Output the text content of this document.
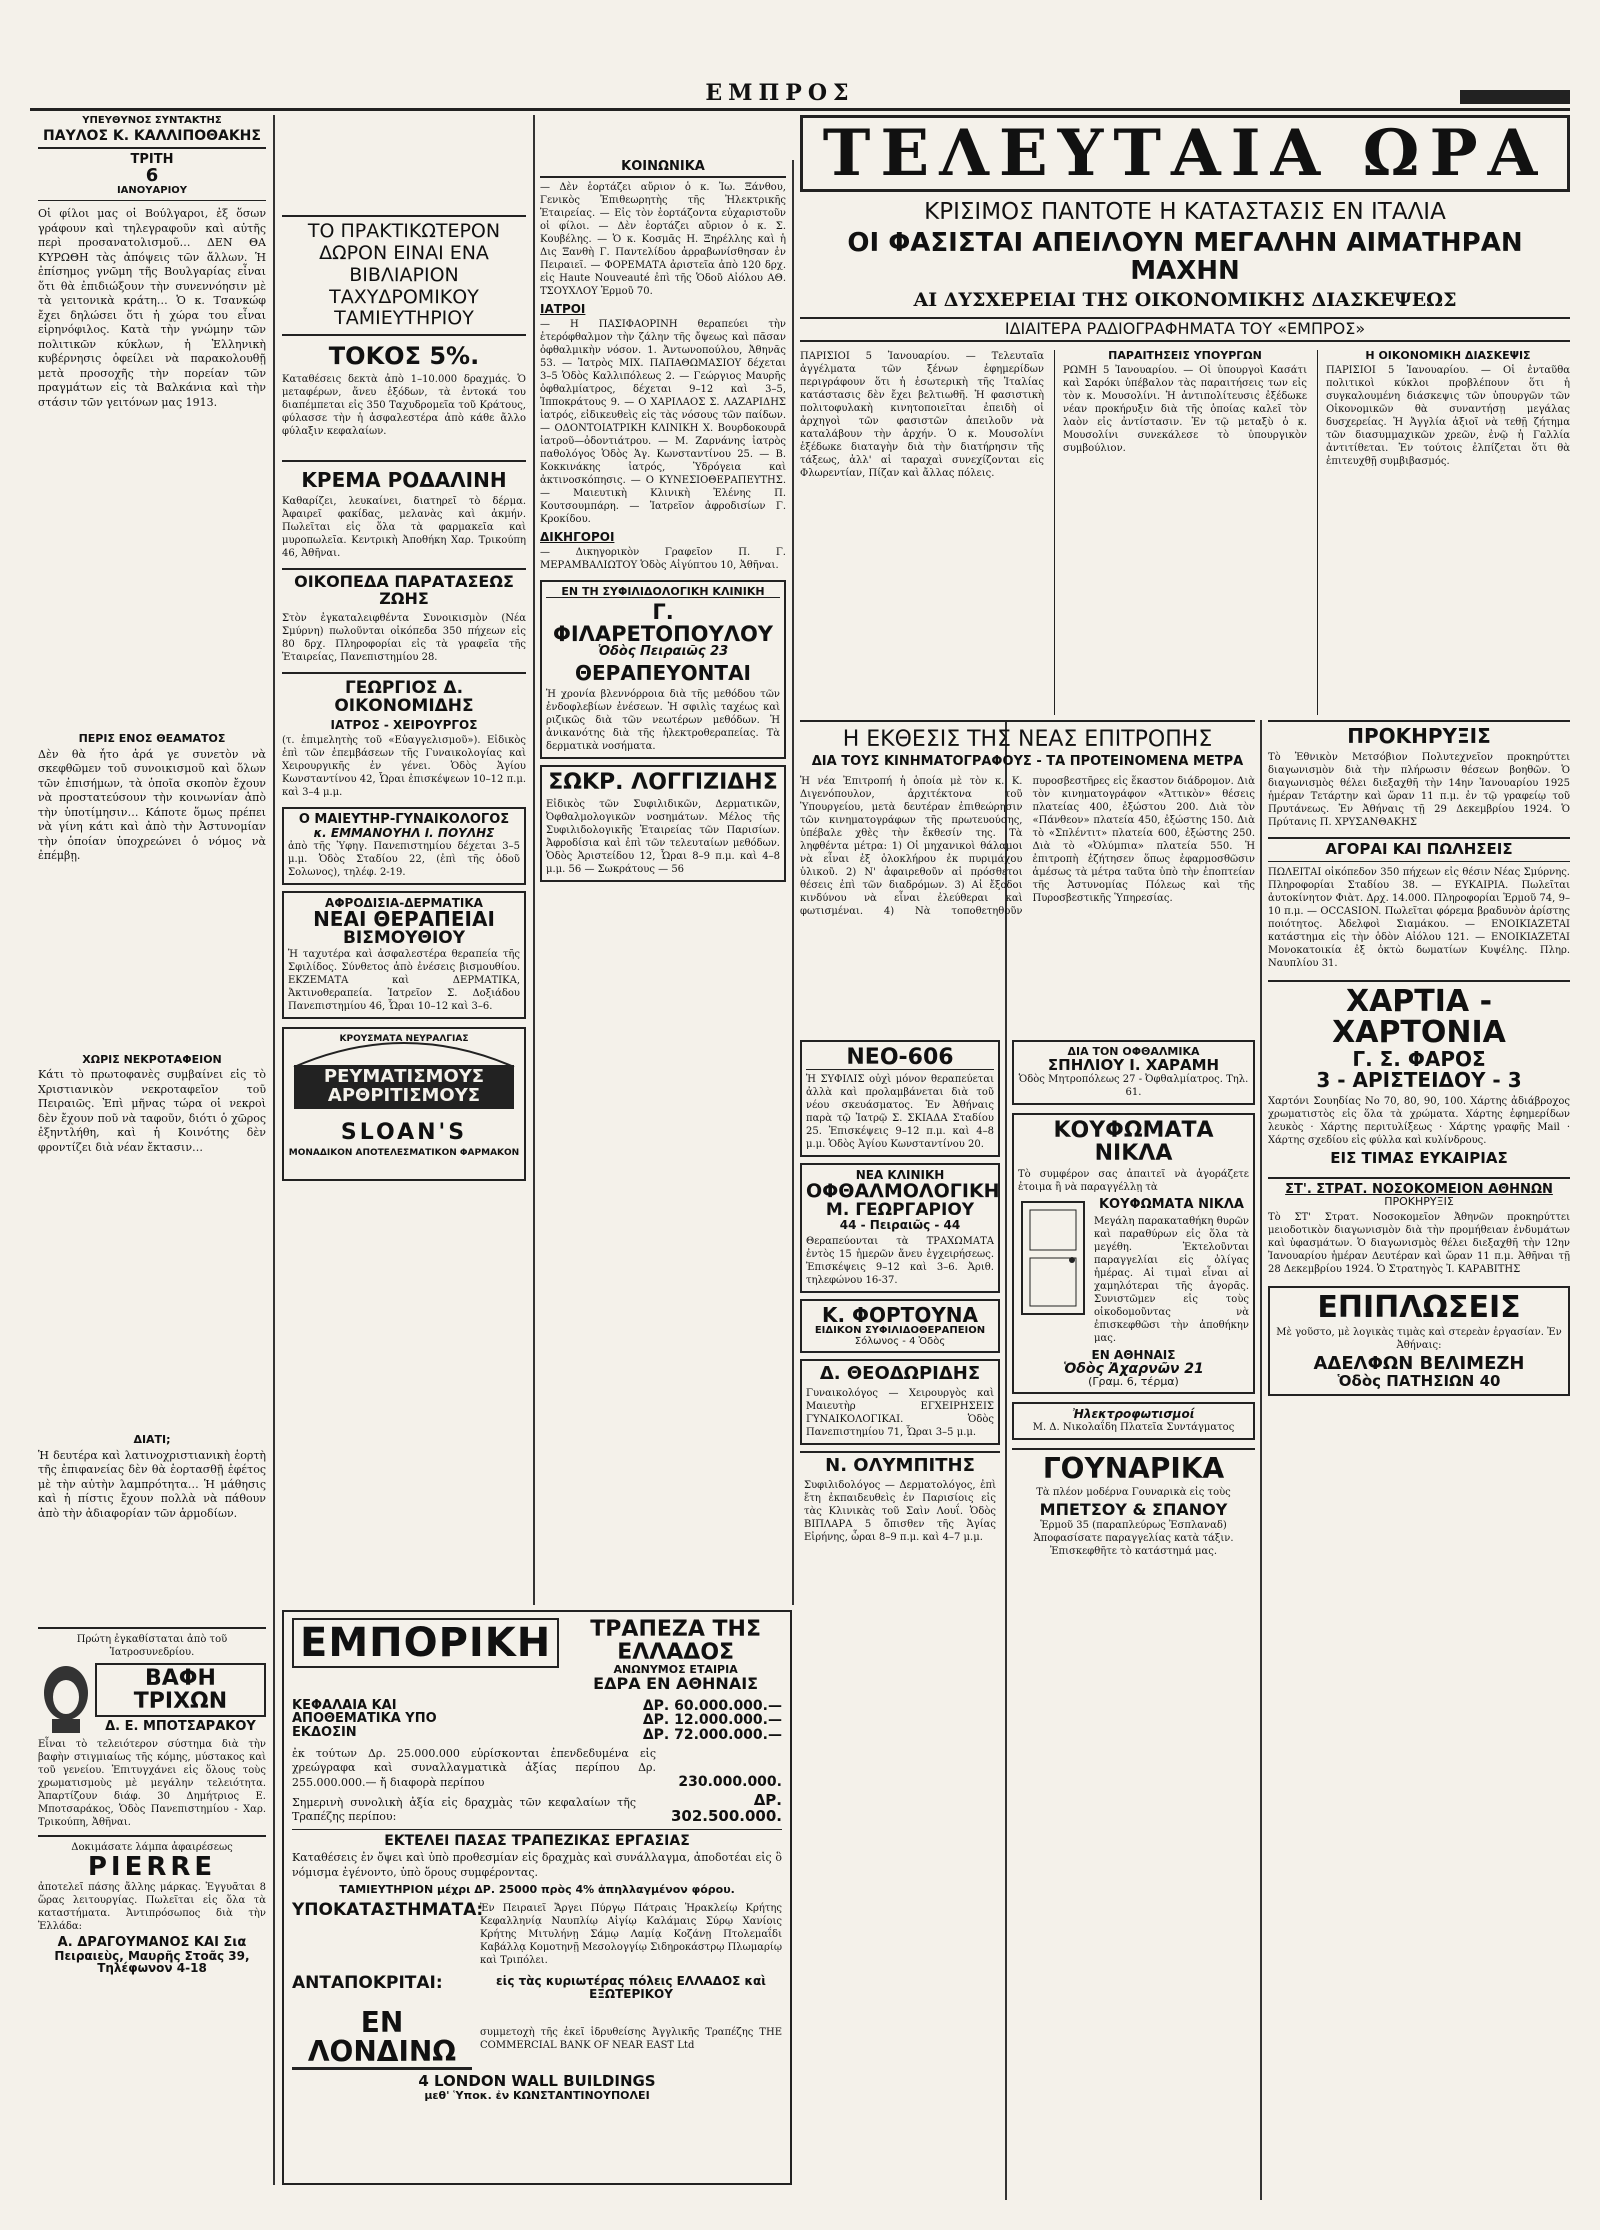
ΕΜΠΡΟΣ
ΥΠΕΥΘΥΝΟΣ ΣΥΝΤΑΚΤΗΣ
ΠΑΥΛΟΣ Κ. ΚΑΛΛΙΠΟΘΑΚΗΣ
ΤΡΙΤΗ
6
ΙΑΝΟΥΑΡΙΟΥ
Οἱ φίλοι μας οἱ Βούλγαροι, ἐξ ὅσων γράφουν καὶ τηλεγραφοῦν καὶ αὐτῆς περὶ προσανατολισμοῦ… ΔΕΝ ΘΑ ΚΥΡΩΘΗ τὰς ἀπόψεις τῶν ἄλλων. Ἡ ἐπίσημος γνῶμη τῆς Βουλγαρίας εἶναι ὅτι θὰ ἐπιδιώξουν τὴν συνεννόησιν μὲ τὰ γειτονικὰ κράτη… Ὁ κ. Τσανκώφ ἔχει δηλώσει ὅτι ἡ χώρα του εἶναι εἰρηνόφιλος. Κατὰ τὴν γνώμην τῶν πολιτικῶν κύκλων, ἡ Ἑλληνικὴ κυβέρνησις ὀφείλει νὰ παρακολουθῇ μετὰ προσοχῆς τὴν πορείαν τῶν πραγμάτων εἰς τὰ Βαλκάνια καὶ τὴν στάσιν τῶν γειτόνων μας 1913.
ΠΕΡΙΣ ΕΝΟΣ ΘΕΑΜΑΤΟΣ
Δὲν θὰ ἦτο ἀρά γε συνετὸν νὰ σκεφθῶμεν τοῦ συνοικισμοῦ καὶ ὅλων τῶν ἐπισήμων, τὰ ὁποῖα σκοπὸν ἔχουν νὰ προστατεύσουν τὴν κοινωνίαν ἀπὸ τὴν ὑποτίμησιν… Κάποτε ὅμως πρέπει νὰ γίνη κάτι καὶ ἀπὸ τὴν Ἀστυνομίαν τὴν ὁποίαν ὑποχρεώνει ὁ νόμος νὰ ἐπέμβῃ.
ΧΩΡΙΣ ΝΕΚΡΟΤΑΦΕΙΟΝ
Κάτι τὸ πρωτοφανὲς συμβαίνει εἰς τὸ Χριστιανικὸν νεκροταφεῖον τοῦ Πειραιῶς. Ἐπὶ μῆνας τώρα οἱ νεκροὶ δὲν ἔχουν ποῦ νὰ ταφοῦν, διότι ὁ χῶρος ἐξηντλήθη, καὶ ἡ Κοινότης δὲν φροντίζει διὰ νέαν ἔκτασιν…
ΔΙΑΤΙ;
Ἡ δευτέρα καὶ λατινοχριστιανικὴ ἑορτὴ τῆς ἐπιφανείας δὲν θὰ ἑορτασθῇ ἐφέτος μὲ τὴν αὐτὴν λαμπρότητα… Ἡ μάθησις καὶ ἡ πίστις ἔχουν πολλὰ νὰ πάθουν ἀπὸ τὴν ἀδιαφορίαν τῶν ἁρμοδίων.
Πρώτη ἐγκαθίσταται ἀπὸ τοῦ Ἰατροσυνεδρίου.
ΒΑΦΗ ΤΡΙΧΩΝ
Δ. Ε. ΜΠΟΤΣΑΡΑΚΟΥ
Εἶναι τὸ τελειότερον σύστημα διὰ τὴν βαφὴν στιγμιαίως τῆς κόμης, μύστακος καὶ τοῦ γενείου. Ἐπιτυγχάνει εἰς ὅλους τοὺς χρωματισμοὺς μὲ μεγάλην τελειότητα. Ἀπαρτίζουν διάφ. 30 Δημήτριος Ε. Μποτσαράκος, Ὁδὸς Πανεπιστημίου - Χαρ. Τρικούπη, Ἀθῆναι.
Δοκιμάσατε λάμπα ἀφαιρέσεως
PIERRE
ἀποτελεῖ πάσης ἄλλης μάρκας. Ἐγγυᾶται 8 ὥρας λειτουργίας. Πωλεῖται εἰς ὅλα τὰ καταστήματα. Ἀντιπρόσωπος διὰ τὴν Ἑλλάδα:
Α. ΔΡΑΓΟΥΜΑΝΟΣ ΚΑΙ Σια
Πειραιεὺς, Μαυρῆς Στοᾶς 39, Τηλέφωνον 4-18
ΤΟ ΠΡΑΚΤΙΚΩΤΕΡΟΝ ΔΩΡΟΝ ΕΙΝΑΙ ΕΝΑ ΒΙΒΛΙΑΡΙΟΝ ΤΑΧΥΔΡΟΜΙΚΟΥ ΤΑΜΙΕΥΤΗΡΙΟΥ
ΤΟΚΟΣ 5%.
Καταθέσεις δεκτὰ ἀπὸ 1–10.000 δραχμάς. Ὁ μεταφέρων, ἄνευ ἐξόδων, τὰ ἐντοκά του διαπέμπεται εἰς 350 Ταχυδρομεῖα τοῦ Κράτους, φύλασσε τὴν ἡ ἀσφαλεστέρα ἀπὸ κάθε ἄλλο φύλαξιν κεφαλαίων.
ΚΡΕΜΑ ΡΟΔΑΛΙΝΗ
Καθαρίζει, λευκαίνει, διατηρεῖ τὸ δέρμα. Ἀφαιρεῖ φακίδας, μελανὰς καὶ ἀκμήν. Πωλεῖται εἰς ὅλα τὰ φαρμακεῖα καὶ μυροπωλεῖα. Κεντρικὴ Ἀποθήκη Χαρ. Τρικούπη 46, Ἀθῆναι.
ΟΙΚΟΠΕΔΑ ΠΑΡΑΤΑΣΕΩΣ ΖΩΗΣ
Στὸν ἐγκαταλειφθέντα Συνοικισμὸν (Νέα Σμύρνη) πωλοῦνται οἰκόπεδα 350 πήχεων εἰς 80 δρχ. Πληροφορίαι εἰς τὰ γραφεῖα τῆς Ἑταιρείας, Πανεπιστημίου 28.
ΓΕΩΡΓΙΟΣ Δ. ΟΙΚΟΝΟΜΙΔΗΣ
ΙΑΤΡΟΣ - ΧΕΙΡΟΥΡΓΟΣ
(τ. ἐπιμελητὴς τοῦ «Εὐαγγελισμοῦ»). Εἰδικὸς ἐπὶ τῶν ἐπεμβάσεων τῆς Γυναικολογίας καὶ Χειρουργικῆς ἐν γένει. Ὁδὸς Ἁγίου Κωνσταντίνου 42, Ὧραι ἐπισκέψεων 10–12 π.μ. καὶ 3–4 μ.μ.
Ο ΜΑΙΕΥΤΗΡ-ΓΥΝΑΙΚΟΛΟΓΟΣ
κ. ΕΜΜΑΝΟΥΗΛ Ι. ΠΟΥΛΗΣ
ἀπὸ τῆς Ὑφηγ. Πανεπιστημίου δέχεται 3–5 μ.μ. Ὁδὸς Σταδίου 22, (ἐπὶ τῆς ὁδοῦ Σολωνος), τηλέφ. 2-19.
ΑΦΡΟΔΙΣΙΑ-ΔΕΡΜΑΤΙΚΑ
ΝΕΑΙ ΘΕΡΑΠΕΙΑΙ
ΒΙΣΜΟΥΘΙΟΥ
Ἡ ταχυτέρα καὶ ἀσφαλεστέρα θεραπεία τῆς Σφιλίδος. Σύνθετος ἀπὸ ἐνέσεις βισμουθίου. ΕΚΖΕΜΑΤΑ καὶ ΔΕΡΜΑΤΙΚΑ, Ἀκτινοθεραπεία. Ἰατρεῖον Σ. Δοξιάδου Πανεπιστημίου 46, Ὧραι 10–12 καὶ 3–6.
ΚΡΟΥΣΜΑΤΑ ΝΕΥΡΑΛΓΙΑΣ
ΡΕΥΜΑΤΙΣΜΟΥΣ
ΑΡΘΡΙΤΙΣΜΟΥΣ
SLOAN'S
ΜΟΝΑΔΙΚΟΝ ΑΠΟΤΕΛΕΣΜΑΤΙΚΟΝ ΦΑΡΜΑΚΟΝ
ΚΟΙΝΩΝΙΚΑ
— Δὲν ἑορτάζει αὔριον ὁ κ. Ἰω. Ξάνθου, Γενικὸς Ἐπιθεωρητὴς τῆς Ἠλεκτρικῆς Ἑταιρείας. — Εἰς τὸν ἑορτάζοντα εὐχαριστοῦν οἱ φίλοι. — Δὲν ἑορτάζει αὔριον ὁ κ. Σ. Κουβέλης. — Ὁ κ. Κοσμᾶς Η. Ξηρέλλης καὶ ἡ Δις Ξανθὴ Γ. Παντελίδου ἀρραβωνίσθησαν ἐν Πειραιεῖ. — ΦΟΡΕΜΑΤΑ ἀριστεῖα ἀπὸ 120 δρχ. εἰς Haute Nouveauté ἐπὶ τῆς Ὁδοῦ Αἰόλου ΑΘ. ΤΣΟΥΧΛΟΥ Ἑρμοῦ 70.
ΙΑΤΡΟΙ
— Η ΠΑΣΙΦΑΟΡΙΝΗ θεραπεύει τὴν ἐτερόφθαλμον τὴν ζάλην τῆς ὄψεως καὶ πᾶσαν ὀφθαλμικὴν νόσον. 1. Ἀντωνοπούλου, Ἀθηνᾶς 53. — Ἰατρὸς ΜΙΧ. ΠΑΠΑΘΩΜΑΣΙΟΥ δέχεται 3–5 Ὁδὸς Καλλιπόλεως 2. — Γεώργιος Μαυρῆς ὀφθαλμίατρος, δέχεται 9–12 καὶ 3–5, Ἰπποκράτους 9. — Ο ΧΑΡΙΛΑΟΣ Σ. ΛΑΖΑΡΙΔΗΣ ἰατρός, εἰδικευθεὶς εἰς τὰς νόσους τῶν παίδων. — ΟΔΟΝΤΟΙΑΤΡΙΚΗ ΚΛΙΝΙΚΗ Χ. Βουρδοκουρᾶ ἰατροῦ—ὀδοντιάτρου. — Μ. Ζαρνάνης ἰατρὸς παθολόγος Ὁδὸς Ἁγ. Κωνσταντίνου 25. — Β. Κοκκινάκης ἰατρός, Ὑδρόγεια καὶ ἀκτινοσκόπησις. — Ο ΚΥΝΕΣΙΟΘΕΡΑΠΕΥΤΗΣ. — Μαιευτικὴ Κλινικὴ Ἐλένης Π. Κουτσουμπάρη. — Ἰατρεῖον ἀφροδισίων Γ. Κροκίδου.
ΔΙΚΗΓΟΡΟΙ
— Δικηγορικὸν Γραφεῖον Π. Γ. ΜΕΡΑΜΒΑΛΙΩΤΟΥ Ὁδὸς Αἰγύπτου 10, Ἀθῆναι.
ΕΝ ΤΗ ΣΥΦΙΛΙΔΟΛΟΓΙΚΗ ΚΛΙΝΙΚΗ
Γ. ΦΙΛΑΡΕΤΟΠΟΥΛΟΥ
Ὁδὸς Πειραιῶς 23
ΘΕΡΑΠΕΥΟΝΤΑΙ
Ἡ χρονία βλεννόρροια διὰ τῆς μεθόδου τῶν ἐνδοφλεβίων ἐνέσεων. Ἡ σφιλὶς ταχέως καὶ ριζικῶς διὰ τῶν νεωτέρων μεθόδων. Ἡ ἀνικανότης διὰ τῆς ἠλεκτροθεραπείας. Τὰ δερματικὰ νοσήματα.
ΣΩΚΡ. ΛΟΓΓΙΖΙΔΗΣ
Εἰδικὸς τῶν Συφιλιδικῶν, Δερματικῶν, Ὀφθαλμολογικῶν νοσημάτων. Μέλος τῆς Συφιλιδολογικῆς Ἑταιρείας τῶν Παρισίων. Ἀφροδίσια καὶ ἐπὶ τῶν τελευταίων μεθόδων. Ὁδὸς Ἀριστείδου 12, Ὧραι 8–9 π.μ. καὶ 4–8 μ.μ. 56 — Σωκράτους — 56
ΕΜΠΟΡΙΚΗ	ΤΡΑΠΕΖΑ ΤΗΣ ΕΛΛΑΔΟΣ
ΑΝΩΝΥΜΟΣ ΕΤΑΙΡΙΑ
ΕΔΡΑ ΕΝ ΑΘΗΝΑΙΣ
ΚΕΦΑΛΑΙΑ ΚΑΙ ΑΠΟΘΕΜΑΤΙΚΑ ΥΠΟ ΕΚΔΟΣΙΝ
ΔΡ. 60.000.000.—
ΔΡ. 12.000.000.—
ΔΡ. 72.000.000.—
ἐκ τούτων Δρ. 25.000.000 εὑρίσκονται ἐπενδεδυμένα εἰς χρεώγραφα καὶ συναλλαγματικὰ ἀξίας περίπου Δρ. 255.000.000.— ἤ διαφορὰ περίπου	230.000.000.
Σημερινὴ συνολικὴ ἀξία εἰς δραχμὰς τῶν κεφαλαίων τῆς Τραπέζης περίπου:
ΔΡ. 302.500.000.
ΕΚΤΕΛΕΙ ΠΑΣΑΣ ΤΡΑΠΕΖΙΚΑΣ ΕΡΓΑΣΙΑΣ
Καταθέσεις ἐν ὄψει καὶ ὑπὸ προθεσμίαν εἰς δραχμὰς καὶ συνάλλαγμα, ἀποδοτέαι εἰς ὃ νόμισμα ἐγένοντο, ὑπὸ ὅρους συμφέροντας.
ΤΑΜΙΕΥΤΗΡΙΟΝ μέχρι ΔΡ. 25000 πρὸς 4% ἀπηλλαγμένον φόρου.
ΥΠΟΚΑΤΑΣΤΗΜΑΤΑ:
Ἐν Πειραιεῖ Ἄργει Πύργῳ Πάτραις Ἡρακλείῳ Κρήτης Κεφαλληνίᾳ Ναυπλίῳ Αἰγίῳ Καλάμαις Σύρῳ Χανίοις Κρήτης Μιτυλήνῃ Σάμῳ Λαμίᾳ Κοζάνῃ Πτολεμαΐδι Καβάλλᾳ Κομοτηνῇ Μεσολογγίῳ Σιδηροκάστρῳ Πλωμαρίῳ καὶ Τριπόλει.
ΑΝΤΑΠΟΚΡΙΤΑΙ:	εἰς τὰς κυριωτέρας πόλεις ΕΛΛΑΔΟΣ καὶ ΕΞΩΤΕΡΙΚΟΥ
ΕΝ ΛΟΝΔΙΝΩ
συμμετοχὴ τῆς ἐκεῖ ἱδρυθείσης Ἀγγλικῆς Τραπέζης THE COMMERCIAL BANK OF NEAR EAST Ltd
4 LONDON WALL BUILDINGS
μεθ' Ὑποκ. ἐν ΚΩΝΣΤΑΝΤΙΝΟΥΠΟΛΕΙ
ΤΕΛΕΥΤΑΙΑ ΩΡΑ
ΚΡΙΣΙΜΟΣ ΠΑΝΤΟΤΕ Η ΚΑΤΑΣΤΑΣΙΣ ΕΝ ΙΤΑΛΙΑ
ΟΙ ΦΑΣΙΣΤΑΙ ΑΠΕΙΛΟΥΝ ΜΕΓΑΛΗΝ ΑΙΜΑΤΗΡΑΝ ΜΑΧΗΝ
ΑΙ ΔΥΣΧΕΡΕΙΑΙ ΤΗΣ ΟΙΚΟΝΟΜΙΚΗΣ ΔΙΑΣΚΕΨΕΩΣ
ΙΔΙΑΙΤΕΡΑ ΡΑΔΙΟΓΡΑΦΗΜΑΤΑ ΤΟΥ «ΕΜΠΡΟΣ»
ΠΑΡΙΣΙΟΙ 5 Ἰανουαρίου. — Τελευταῖα ἀγγέλματα τῶν ξένων ἐφημερίδων περιγράφουν ὅτι ἡ ἐσωτερικὴ τῆς Ἰταλίας κατάστασις δὲν ἔχει βελτιωθῆ. Ἡ φασιστικὴ πολιτοφυλακὴ κινητοποιεῖται ἐπειδὴ οἱ ἀρχηγοὶ τῶν φασιστῶν ἀπειλοῦν νὰ καταλάβουν τὴν ἀρχήν. Ὁ κ. Μουσολίνι ἐξέδωκε διαταγὴν διὰ τὴν διατήρησιν τῆς τάξεως, ἀλλ' αἱ ταραχαὶ συνεχίζονται εἰς Φλωρεντίαν, Πίζαν καὶ ἄλλας πόλεις.
ΠΑΡΑΙΤΗΣΕΙΣ ΥΠΟΥΡΓΩΝ
ΡΩΜΗ 5 Ἰανουαρίου. — Οἱ ὑπουργοὶ Κασάτι καὶ Σαρόκι ὑπέβαλον τὰς παραιτήσεις των εἰς τὸν κ. Μουσολίνι. Ἡ ἀντιπολίτευσις ἐξέδωκε νέαν προκήρυξιν διὰ τῆς ὁποίας καλεῖ τὸν λαὸν εἰς ἀντίστασιν. Ἐν τῷ μεταξὺ ὁ κ. Μουσολίνι συνεκάλεσε τὸ ὑπουργικὸν συμβούλιον.
Η ΟΙΚΟΝΟΜΙΚΗ ΔΙΑΣΚΕΨΙΣ
ΠΑΡΙΣΙΟΙ 5 Ἰανουαρίου. — Οἱ ἐνταῦθα πολιτικοὶ κύκλοι προβλέπουν ὅτι ἡ συγκαλουμένη διάσκεψις τῶν ὑπουργῶν τῶν Οἰκονομικῶν θὰ συναντήσῃ μεγάλας δυσχερείας. Ἡ Ἀγγλία ἀξιοῖ νὰ τεθῇ ζήτημα τῶν διασυμμαχικῶν χρεῶν, ἐνῷ ἡ Γαλλία ἀντιτίθεται. Ἐν τούτοις ἐλπίζεται ὅτι θὰ ἐπιτευχθῇ συμβιβασμός.
Η ΕΚΘΕΣΙΣ ΤΗΣ ΝΕΑΣ ΕΠΙΤΡΟΠΗΣ
ΔΙΑ ΤΟΥΣ ΚΙΝΗΜΑΤΟΓΡΑΦΟΥΣ - ΤΑ ΠΡΟΤΕΙΝΟΜΕΝΑ ΜΕΤΡΑ
Ἡ νέα Ἐπιτροπή ἡ ὁποία μὲ τὸν κ. Κ. Διγενόπουλον, ἀρχιτέκτονα τοῦ Ὑπουργείου, μετὰ δευτέραν ἐπιθεώρησιν τῶν κινηματογράφων τῆς πρωτευούσης, ὑπέβαλε χθὲς τὴν ἔκθεσίν της. Τὰ ληφθέντα μέτρα: 1) Οἱ μηχανικοὶ θάλαμοι νὰ εἶναι ἐξ ὁλοκλήρου ἐκ πυριμάχου ὑλικοῦ. 2) Ν' ἀφαιρεθοῦν αἱ πρόσθετοι θέσεις ἐπὶ τῶν διαδρόμων. 3) Αἱ ἔξοδοι κινδύνου νὰ εἶναι ἐλεύθεραι καὶ φωτισμέναι. 4) Νὰ τοποθετηθοῦν πυροσβεστῆρες εἰς ἕκαστον διάδρομον. Διὰ τὸν κινηματογράφον «Ἀττικὸν» θέσεις πλατείας 400, ἐξώστου 200. Διὰ τὸν «Πάνθεον» πλατεία 450, ἐξώστης 150. Διὰ τὸ «Σπλέντιτ» πλατεία 600, ἐξώστης 250. Διὰ τὸ «Ὀλύμπια» πλατεία 550. Ἡ ἐπιτροπὴ ἐζήτησεν ὅπως ἐφαρμοσθῶσιν ἀμέσως τὰ μέτρα ταῦτα ὑπὸ τὴν ἐποπτείαν τῆς Ἀστυνομίας Πόλεως καὶ τῆς Πυροσβεστικῆς Ὑπηρεσίας.
ΝΕΟ-606
Ἡ ΣΥΦΙΛΙΣ οὐχὶ μόνον θεραπεύεται ἀλλὰ καὶ προλαμβάνεται διὰ τοῦ νέου σκευάσματος. Ἐν Ἀθήναις παρὰ τῷ Ἰατρῷ Σ. ΣΚΙΑΔΑ Σταδίου 25. Ἐπισκέψεις 9–12 π.μ. καὶ 4–8 μ.μ. Ὁδὸς Ἀγίου Κωνσταντίνου 20.
ΝΕΑ ΚΛΙΝΙΚΗ
ΟΦΘΑΛΜΟΛΟΓΙΚΗ
Μ. ΓΕΩΡΓΑΡΙΟΥ
44 - Πειραιῶς - 44
Θεραπεύονται τὰ ΤΡΑΧΩΜΑΤΑ ἐντὸς 15 ἡμερῶν ἄνευ ἐγχειρήσεως. Ἐπισκέψεις 9–12 καὶ 3–6. Ἀριθ. τηλεφώνου 16-37.
Κ. ΦΟΡΤΟΥΝΑ
ΕΙΔΙΚΟΝ ΣΥΦΙΛΙΔΟΘΕΡΑΠΕΙΟΝ
Σόλωνος - 4 Ὁδὸς
Δ. ΘΕΟΔΩΡΙΔΗΣ
Γυναικολόγος — Χειρουργὸς καὶ Μαιευτὴρ ΕΓΧΕΙΡΗΣΕΙΣ ΓΥΝΑΙΚΟΛΟΓΙΚΑΙ. Ὁδὸς Πανεπιστημίου 71, Ὧραι 3–5 μ.μ.
Ν. ΟΛΥΜΠΙΤΗΣ
Συφιλιδολόγος — Δερματολόγος, ἐπὶ ἔτη ἐκπαιδευθεὶς ἐν Παρισίοις εἰς τὰς Κλινικὰς τοῦ Σαὶν Λουΐ. Ὁδὸς ΒΙΠΛΑΡΑ 5 ὄπισθεν τῆς Ἁγίας Εἰρήνης, ὧραι 8–9 π.μ. καὶ 4–7 μ.μ.
ΔΙΑ ΤΟΝ ΟΦΘΑΛΜΙΚΑ
ΣΠΗΛΙΟΥ Ι. ΧΑΡΑΜΗ
Ὁδὸς Μητροπόλεως 27 - Ὀφθαλμίατρος. Τηλ. 61.
ΚΟΥΦΩΜΑΤΑ ΝΙΚΛΑ
Τὸ συμφέρον σας ἀπαιτεῖ νὰ ἀγοράζετε ἐτοιμα ἢ νὰ παραγγέλλῃ τὰ
ΚΟΥΦΩΜΑΤΑ ΝΙΚΛΑ
Μεγάλη παρακαταθήκη θυρῶν καὶ παραθύρων εἰς ὅλα τὰ μεγέθη. Ἐκτελοῦνται παραγγελίαι εἰς ὀλίγας ἡμέρας. Αἱ τιμαὶ εἶναι αἱ χαμηλότεραι τῆς ἀγορᾶς. Συνιστῶμεν εἰς τοὺς οἰκοδομοῦντας νὰ ἐπισκεφθῶσι τὴν ἀποθήκην μας.
ΕΝ ΑΘΗΝΑΙΣ
Ὁδὸς Ἀχαρνῶν 21
(Γραμ. 6, τέρμα)
Ἠλεκτροφωτισμοί
Μ. Δ. Νικολαΐδη Πλατεῖα Συντάγματος
ΓΟΥΝΑΡΙΚΑ
Τὰ πλέον μοδέρνα Γουναρικὰ εἰς τοὺς
ΜΠΕΤΣΟΥ & ΣΠΑΝΟΥ
Ἑρμοῦ 35 (παραπλεύρως Ἐσπλαναδ)
Ἀποφασίσατε παραγγελίας κατὰ τάξιν. Ἐπισκεφθῆτε τὸ κατάστημά μας.
ΠΡΟΚΗΡΥΞΙΣ
Τὸ Ἐθνικὸν Μετσόβιον Πολυτεχνεῖον προκηρύττει διαγωνισμὸν διὰ τὴν πλήρωσιν θέσεων βοηθῶν. Ὁ διαγωνισμὸς θέλει διεξαχθῆ τὴν 14ην Ἰανουαρίου 1925 ἡμέραν Τετάρτην καὶ ὥραν 11 π.μ. ἐν τῷ γραφείῳ τοῦ Πρυτάνεως. Ἐν Ἀθήναις τῇ 29 Δεκεμβρίου 1924. Ὁ Πρύτανις Π. ΧΡΥΣΑΝΘΑΚΗΣ
ΑΓΟΡΑΙ ΚΑΙ ΠΩΛΗΣΕΙΣ
ΠΩΛΕΙΤΑΙ οἰκόπεδον 350 πήχεων εἰς θέσιν Νέας Σμύρνης. Πληροφορίαι Σταδίου 38. — ΕΥΚΑΙΡΙΑ. Πωλεῖται ἀυτοκίνητον Φιὰτ. Δρχ. 14.000. Πληροφορίαι Ἑρμοῦ 74, 9–10 π.μ. — OCCASION. Πωλεῖται φόρεμα βραδυνὸν ἀρίστης ποιότητος. Ἀδελφοὶ Σιαμάκου. — ΕΝΟΙΚΙΑΖΕΤΑΙ κατάστημα εἰς τὴν ὁδὸν Αἰόλου 121. — ΕΝΟΙΚΙΑΖΕΤΑΙ Μονοκατοικία ἐξ ὀκτὼ δωματίων Κυψέλης. Πληρ. Ναυπλίου 31.
ΧΑΡΤΙΑ - ΧΑΡΤΟΝΙΑ
Γ. Σ. ΦΑΡΟΣ
3 - ΑΡΙΣΤΕΙΔΟΥ - 3
Χαρτόνι Σουηδίας No 70, 80, 90, 100. Χάρτης ἀδιάβροχος χρωματιστὸς εἰς ὅλα τὰ χρώματα. Χάρτης ἐφημερίδων λευκὸς · Χάρτης περιτυλίξεως · Χάρτης γραφῆς Mail · Χάρτης σχεδίου εἰς φύλλα καὶ κυλίνδρους.
ΕΙΣ ΤΙΜΑΣ ΕΥΚΑΙΡΙΑΣ
ΣΤ'. ΣΤΡΑΤ. ΝΟΣΟΚΟΜΕΙΟΝ ΑΘΗΝΩΝ
ΠΡΟΚΗΡΥΞΙΣ
Τὸ ΣΤ' Στρατ. Νοσοκομεῖον Ἀθηνῶν προκηρύττει μειοδοτικὸν διαγωνισμὸν διὰ τὴν προμήθειαν ἐνδυμάτων καὶ ὑφασμάτων. Ὁ διαγωνισμὸς θέλει διεξαχθῆ τὴν 12ην Ἰανουαρίου ἡμέραν Δευτέραν καὶ ὥραν 11 π.μ. Ἀθῆναι τῇ 28 Δεκεμβρίου 1924. Ὁ Στρατηγὸς Ἰ. ΚΑΡΑΒΙΤΗΣ
ΕΠΙΠΛΩΣΕΙΣ
Μὲ γοῦστο, μὲ λογικὰς τιμὰς καὶ στερεὰν ἐργασίαν. Ἐν Ἀθήναις:
ΑΔΕΛΦΩΝ ΒΕΛΙΜΕΖΗ
Ὁδὸς ΠΑΤΗΣΙΩΝ 40
